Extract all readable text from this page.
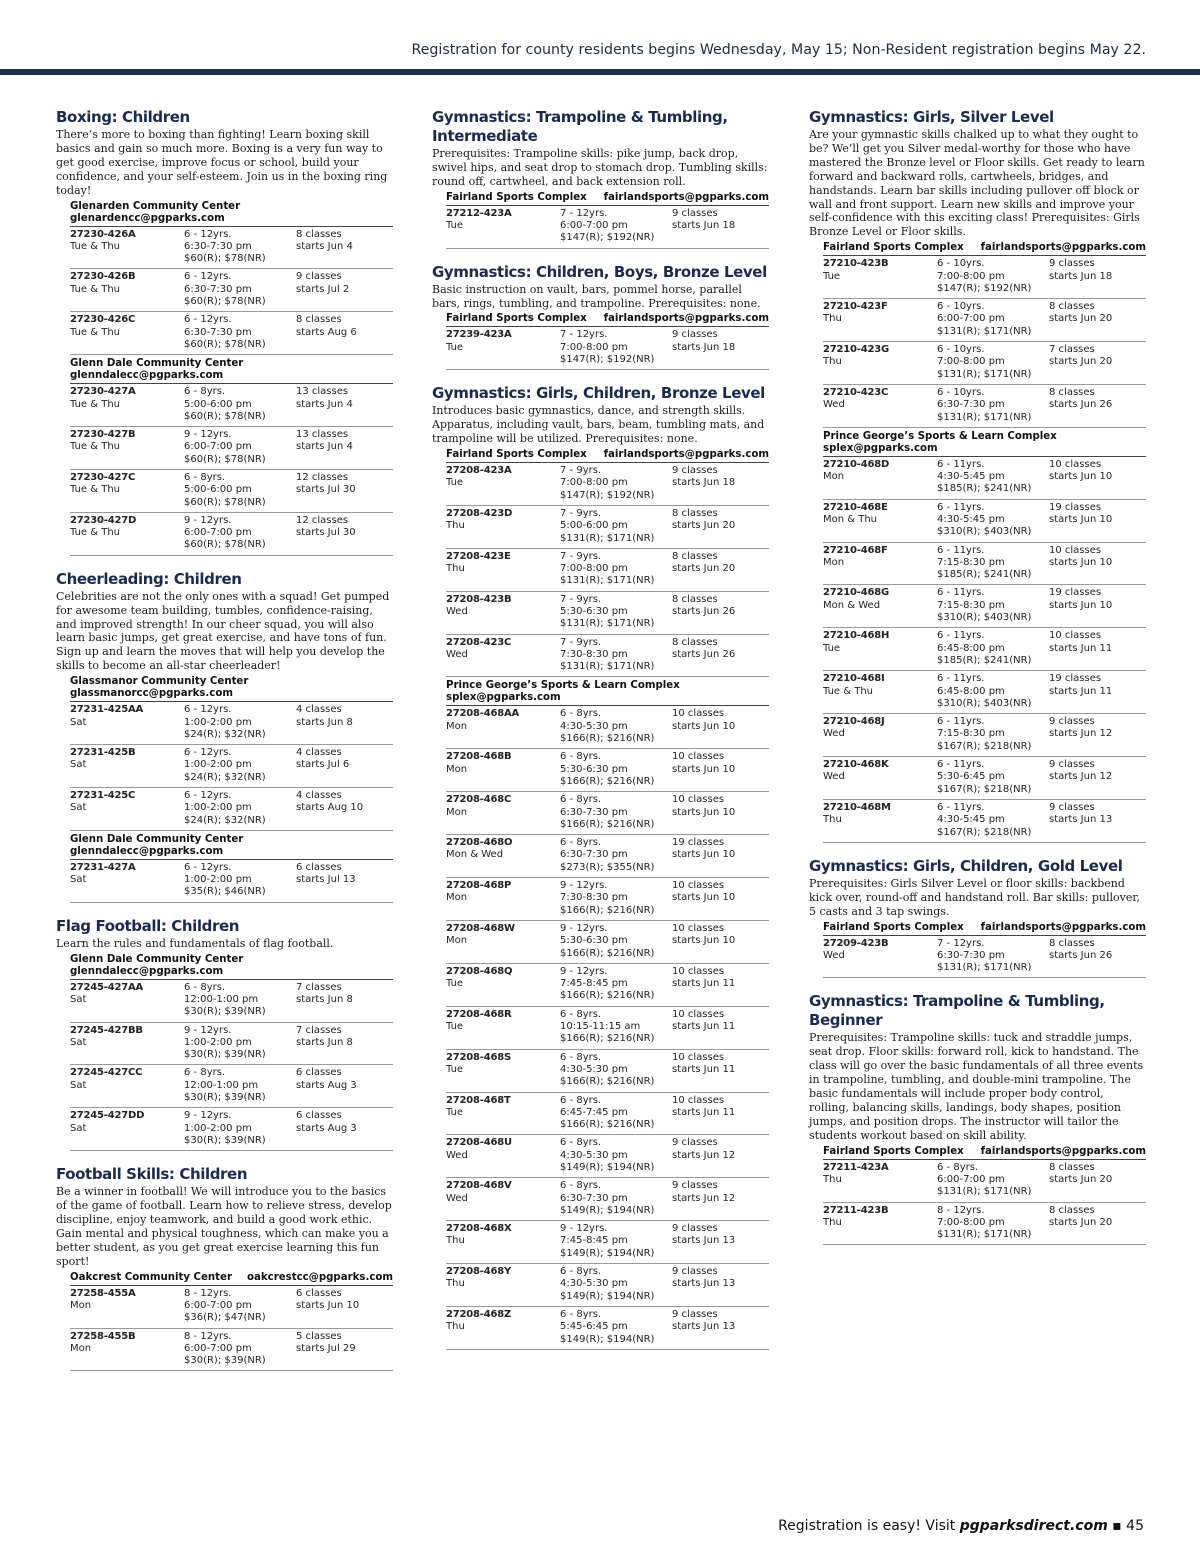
Registration for county residents begins Wednesday, May 15; Non-Resident registration begins May 22.
Boxing: Children
There’s more to boxing than fighting! Learn boxing skill basics and gain so much more. Boxing is a very fun way to get good exercise, improve focus or school, build your confidence, and your self-esteem. Join us in the boxing ring today!
Glenarden Community Center
glenardencc@pgparks.com
27230-426A
Tue & Thu
6 - 12yrs.
6:30-7:30 pm
$60(R); $78(NR)
8 classes
starts Jun 4
27230-426B
Tue & Thu
6 - 12yrs.
6:30-7:30 pm
$60(R); $78(NR)
9 classes
starts Jul 2
27230-426C
Tue & Thu
6 - 12yrs.
6:30-7:30 pm
$60(R); $78(NR)
8 classes
starts Aug 6
Glenn Dale Community Center
glenndalecc@pgparks.com
27230-427A
Tue & Thu
6 - 8yrs.
5:00-6:00 pm
$60(R); $78(NR)
13 classes
starts Jun 4
27230-427B
Tue & Thu
9 - 12yrs.
6:00-7:00 pm
$60(R); $78(NR)
13 classes
starts Jun 4
27230-427C
Tue & Thu
6 - 8yrs.
5:00-6:00 pm
$60(R); $78(NR)
12 classes
starts Jul 30
27230-427D
Tue & Thu
9 - 12yrs.
6:00-7:00 pm
$60(R); $78(NR)
12 classes
starts Jul 30
Cheerleading: Children
Celebrities are not the only ones with a squad! Get pumped for awesome team building, tumbles, confidence-raising, and improved strength! In our cheer squad, you will also learn basic jumps, get great exercise, and have tons of fun. Sign up and learn the moves that will help you develop the skills to become an all-star cheerleader!
Glassmanor Community Center
glassmanorcc@pgparks.com
27231-425AA
Sat
6 - 12yrs.
1:00-2:00 pm
$24(R); $32(NR)
4 classes
starts Jun 8
27231-425B
Sat
6 - 12yrs.
1:00-2:00 pm
$24(R); $32(NR)
4 classes
starts Jul 6
27231-425C
Sat
6 - 12yrs.
1:00-2:00 pm
$24(R); $32(NR)
4 classes
starts Aug 10
Glenn Dale Community Center
glenndalecc@pgparks.com
27231-427A
Sat
6 - 12yrs.
1:00-2:00 pm
$35(R); $46(NR)
6 classes
starts Jul 13
Flag Football: Children
Learn the rules and fundamentals of flag football.
Glenn Dale Community Center
glenndalecc@pgparks.com
27245-427AA
Sat
6 - 8yrs.
12:00-1:00 pm
$30(R); $39(NR)
7 classes
starts Jun 8
27245-427BB
Sat
9 - 12yrs.
1:00-2:00 pm
$30(R); $39(NR)
7 classes
starts Jun 8
27245-427CC
Sat
6 - 8yrs.
12:00-1:00 pm
$30(R); $39(NR)
6 classes
starts Aug 3
27245-427DD
Sat
9 - 12yrs.
1:00-2:00 pm
$30(R); $39(NR)
6 classes
starts Aug 3
Football Skills: Children
Be a winner in football! We will introduce you to the basics of the game of football. Learn how to relieve stress, develop discipline, enjoy teamwork, and build a good work ethic. Gain mental and physical toughness, which can make you a better student, as you get great exercise learning this fun sport!
Oakcrest Community Center oakcrestcc@pgparks.com
27258-455A
Mon
8 - 12yrs.
6:00-7:00 pm
$36(R); $47(NR)
6 classes
starts Jun 10
27258-455B
Mon
8 - 12yrs.
6:00-7:00 pm
$30(R); $39(NR)
5 classes
starts Jul 29
Gymnastics: Trampoline & Tumbling, Intermediate
Prerequisites: Trampoline skills: pike jump, back drop, swivel hips, and seat drop to stomach drop. Tumbling skills: round off, cartwheel, and back extension roll.
Fairland Sports Complex fairlandsports@pgparks.com
27212-423A
Tue
7 - 12yrs.
6:00-7:00 pm
$147(R); $192(NR)
9 classes
starts Jun 18
Gymnastics: Children, Boys, Bronze Level
Basic instruction on vault, bars, pommel horse, parallel bars, rings, tumbling, and trampoline. Prerequisites: none.
Fairland Sports Complex fairlandsports@pgparks.com
27239-423A
Tue
7 - 12yrs.
7:00-8:00 pm
$147(R); $192(NR)
9 classes
starts Jun 18
Gymnastics: Girls, Children, Bronze Level
Introduces basic gymnastics, dance, and strength skills. Apparatus, including vault, bars, beam, tumbling mats, and trampoline will be utilized. Prerequisites: none.
Fairland Sports Complex fairlandsports@pgparks.com
27208-423A
Tue
7 - 9yrs.
7:00-8:00 pm
$147(R); $192(NR)
9 classes
starts Jun 18
27208-423D
Thu
7 - 9yrs.
5:00-6:00 pm
$131(R); $171(NR)
8 classes
starts Jun 20
27208-423E
Thu
7 - 9yrs.
7:00-8:00 pm
$131(R); $171(NR)
8 classes
starts Jun 20
27208-423B
Wed
7 - 9yrs.
5:30-6:30 pm
$131(R); $171(NR)
8 classes
starts Jun 26
27208-423C
Wed
7 - 9yrs.
7:30-8:30 pm
$131(R); $171(NR)
8 classes
starts Jun 26
Prince George’s Sports & Learn Complex
splex@pgparks.com
27208-468AA
Mon
6 - 8yrs.
4:30-5:30 pm
$166(R); $216(NR)
10 classes
starts Jun 10
27208-468B
Mon
6 - 8yrs.
5:30-6:30 pm
$166(R); $216(NR)
10 classes
starts Jun 10
27208-468C
Mon
6 - 8yrs.
6:30-7:30 pm
$166(R); $216(NR)
10 classes
starts Jun 10
27208-468O
Mon & Wed
6 - 8yrs.
6:30-7:30 pm
$273(R); $355(NR)
19 classes
starts Jun 10
27208-468P
Mon
9 - 12yrs.
7:30-8:30 pm
$166(R); $216(NR)
10 classes
starts Jun 10
27208-468W
Mon
9 - 12yrs.
5:30-6:30 pm
$166(R); $216(NR)
10 classes
starts Jun 10
27208-468Q
Tue
9 - 12yrs.
7:45-8:45 pm
$166(R); $216(NR)
10 classes
starts Jun 11
27208-468R
Tue
6 - 8yrs.
10:15-11:15 am
$166(R); $216(NR)
10 classes
starts Jun 11
27208-468S
Tue
6 - 8yrs.
4:30-5:30 pm
$166(R); $216(NR)
10 classes
starts Jun 11
27208-468T
Tue
6 - 8yrs.
6:45-7:45 pm
$166(R); $216(NR)
10 classes
starts Jun 11
27208-468U
Wed
6 - 8yrs.
4:30-5:30 pm
$149(R); $194(NR)
9 classes
starts Jun 12
27208-468V
Wed
6 - 8yrs.
6:30-7:30 pm
$149(R); $194(NR)
9 classes
starts Jun 12
27208-468X
Thu
9 - 12yrs.
7:45-8:45 pm
$149(R); $194(NR)
9 classes
starts Jun 13
27208-468Y
Thu
6 - 8yrs.
4:30-5:30 pm
$149(R); $194(NR)
9 classes
starts Jun 13
27208-468Z
Thu
6 - 8yrs.
5:45-6:45 pm
$149(R); $194(NR)
9 classes
starts Jun 13
Gymnastics: Girls, Silver Level
Are your gymnastic skills chalked up to what they ought to be? We’ll get you Silver medal-worthy for those who have mastered the Bronze level or Floor skills. Get ready to learn forward and backward rolls, cartwheels, bridges, and handstands. Learn bar skills including pullover off block or wall and front support. Learn new skills and improve your self-confidence with this exciting class! Prerequisites: Girls Bronze Level or Floor skills.
Fairland Sports Complex fairlandsports@pgparks.com
27210-423B
Tue
6 - 10yrs.
7:00-8:00 pm
$147(R); $192(NR)
9 classes
starts Jun 18
27210-423F
Thu
6 - 10yrs.
6:00-7:00 pm
$131(R); $171(NR)
8 classes
starts Jun 20
27210-423G
Thu
6 - 10yrs.
7:00-8:00 pm
$131(R); $171(NR)
7 classes
starts Jun 20
27210-423C
Wed
6 - 10yrs.
6:30-7:30 pm
$131(R); $171(NR)
8 classes
starts Jun 26
Prince George’s Sports & Learn Complex
splex@pgparks.com
27210-468D
Mon
6 - 11yrs.
4:30-5:45 pm
$185(R); $241(NR)
10 classes
starts Jun 10
27210-468E
Mon & Thu
6 - 11yrs.
4:30-5:45 pm
$310(R); $403(NR)
19 classes
starts Jun 10
27210-468F
Mon
6 - 11yrs.
7:15-8:30 pm
$185(R); $241(NR)
10 classes
starts Jun 10
27210-468G
Mon & Wed
6 - 11yrs.
7:15-8:30 pm
$310(R); $403(NR)
19 classes
starts Jun 10
27210-468H
Tue
6 - 11yrs.
6:45-8:00 pm
$185(R); $241(NR)
10 classes
starts Jun 11
27210-468I
Tue & Thu
6 - 11yrs.
6:45-8:00 pm
$310(R); $403(NR)
19 classes
starts Jun 11
27210-468J
Wed
6 - 11yrs.
7:15-8:30 pm
$167(R); $218(NR)
9 classes
starts Jun 12
27210-468K
Wed
6 - 11yrs.
5:30-6:45 pm
$167(R); $218(NR)
9 classes
starts Jun 12
27210-468M
Thu
6 - 11yrs.
4:30-5:45 pm
$167(R); $218(NR)
9 classes
starts Jun 13
Gymnastics: Girls, Children, Gold Level
Prerequisites: Girls Silver Level or floor skills: backbend kick over, round-off and handstand roll. Bar skills: pullover, 5 casts and 3 tap swings.
Fairland Sports Complex fairlandsports@pgparks.com
27209-423B
Wed
7 - 12yrs.
6:30-7:30 pm
$131(R); $171(NR)
8 classes
starts Jun 26
Gymnastics: Trampoline & Tumbling, Beginner
Prerequisites: Trampoline skills: tuck and straddle jumps, seat drop. Floor skills: forward roll, kick to handstand. The class will go over the basic fundamentals of all three events in trampoline, tumbling, and double-mini trampoline. The basic fundamentals will include proper body control, rolling, balancing skills, landings, body shapes, position jumps, and position drops. The instructor will tailor the students workout based on skill ability.
Fairland Sports Complex fairlandsports@pgparks.com
27211-423A
Thu
6 - 8yrs.
6:00-7:00 pm
$131(R); $171(NR)
8 classes
starts Jun 20
27211-423B
Thu
8 - 12yrs.
7:00-8:00 pm
$131(R); $171(NR)
8 classes
starts Jun 20
Registration is easy! Visit pgparksdirect.com ▪ 45
